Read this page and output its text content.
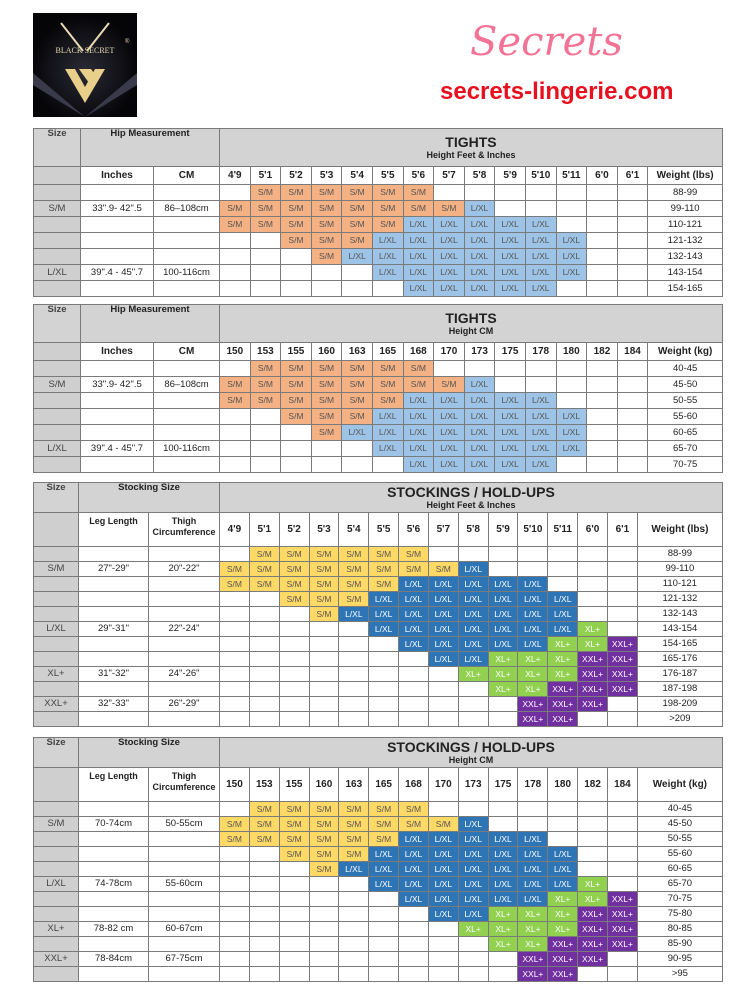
BLACK SECRET
®	Secrets
secrets-lingerie.com
Size	Hip Measurement		TIGHTS
Height Feet & Inches														

	Inches	CM	4'9	5'1	5'2	5'3	5'4	5'5	5'6	5'7	5'8	5'9	5'10	5'11	6'0	6'1	Weight (lbs)
				S/M	S/M	S/M	S/M	S/M	S/M								88-99
S/M	33".9- 42".5	86–108cm	S/M	S/M	S/M	S/M	S/M	S/M	S/M	S/M	L/XL						99-110
			S/M	S/M	S/M	S/M	S/M	S/M	L/XL	L/XL	L/XL	L/XL	L/XL				110-121
					S/M	S/M	S/M	L/XL	L/XL	L/XL	L/XL	L/XL	L/XL	L/XL			121-132
						S/M	L/XL	L/XL	L/XL	L/XL	L/XL	L/XL	L/XL	L/XL			132-143
L/XL	39".4 - 45".7	100-116cm						L/XL	L/XL	L/XL	L/XL	L/XL	L/XL	L/XL			143-154
									L/XL	L/XL	L/XL	L/XL	L/XL				154-165
Size	Hip Measurement		TIGHTS
Height CM														

	Inches	CM	150	153	155	160	163	165	168	170	173	175	178	180	182	184	Weight (kg)
				S/M	S/M	S/M	S/M	S/M	S/M								40-45
S/M	33".9- 42".5	86–108cm	S/M	S/M	S/M	S/M	S/M	S/M	S/M	S/M	L/XL						45-50
			S/M	S/M	S/M	S/M	S/M	S/M	L/XL	L/XL	L/XL	L/XL	L/XL				50-55
					S/M	S/M	S/M	L/XL	L/XL	L/XL	L/XL	L/XL	L/XL	L/XL			55-60
						S/M	L/XL	L/XL	L/XL	L/XL	L/XL	L/XL	L/XL	L/XL			60-65
L/XL	39".4 - 45".7	100-116cm						L/XL	L/XL	L/XL	L/XL	L/XL	L/XL	L/XL			65-70
									L/XL	L/XL	L/XL	L/XL	L/XL				70-75
Size	Stocking Size		STOCKINGS / HOLD-UPS
Height Feet & Inches														

	Leg Length	Thigh Circumference	4'9	5'1	5'2	5'3	5'4	5'5	5'6	5'7	5'8	5'9	5'10	5'11	6'0	6'1	Weight (lbs)
				S/M	S/M	S/M	S/M	S/M	S/M								88-99
S/M	27"-29"	20"-22"	S/M	S/M	S/M	S/M	S/M	S/M	S/M	S/M	L/XL						99-110
			S/M	S/M	S/M	S/M	S/M	S/M	L/XL	L/XL	L/XL	L/XL	L/XL				110-121
					S/M	S/M	S/M	L/XL	L/XL	L/XL	L/XL	L/XL	L/XL	L/XL			121-132
						S/M	L/XL	L/XL	L/XL	L/XL	L/XL	L/XL	L/XL	L/XL			132-143
L/XL	29"-31"	22"-24"						L/XL	L/XL	L/XL	L/XL	L/XL	L/XL	L/XL	XL+		143-154
									L/XL	L/XL	L/XL	L/XL	L/XL	XL+	XL+	XXL+	154-165
										L/XL	L/XL	XL+	XL+	XL+	XXL+	XXL+	165-176
XL+	31"-32"	24"-26"									XL+	XL+	XL+	XL+	XXL+	XXL+	176-187
												XL+	XL+	XXL+	XXL+	XXL+	187-198
XXL+	32"-33"	26"-29"											XXL+	XXL+	XXL+		198-209
													XXL+	XXL+			>209
Size	Stocking Size		STOCKINGS / HOLD-UPS
Height CM														

	Leg Length	Thigh Circumference	150	153	155	160	163	165	168	170	173	175	178	180	182	184	Weight (kg)
				S/M	S/M	S/M	S/M	S/M	S/M								40-45
S/M	70-74cm	50-55cm	S/M	S/M	S/M	S/M	S/M	S/M	S/M	S/M	L/XL						45-50
			S/M	S/M	S/M	S/M	S/M	S/M	L/XL	L/XL	L/XL	L/XL	L/XL				50-55
					S/M	S/M	S/M	L/XL	L/XL	L/XL	L/XL	L/XL	L/XL	L/XL			55-60
						S/M	L/XL	L/XL	L/XL	L/XL	L/XL	L/XL	L/XL	L/XL			60-65
L/XL	74-78cm	55-60cm						L/XL	L/XL	L/XL	L/XL	L/XL	L/XL	L/XL	XL+		65-70
									L/XL	L/XL	L/XL	L/XL	L/XL	XL+	XL+	XXL+	70-75
										L/XL	L/XL	XL+	XL+	XL+	XXL+	XXL+	75-80
XL+	78-82 cm	60-67cm									XL+	XL+	XL+	XL+	XXL+	XXL+	80-85
												XL+	XL+	XXL+	XXL+	XXL+	85-90
XXL+	78-84cm	67-75cm											XXL+	XXL+	XXL+		90-95
													XXL+	XXL+			>95
